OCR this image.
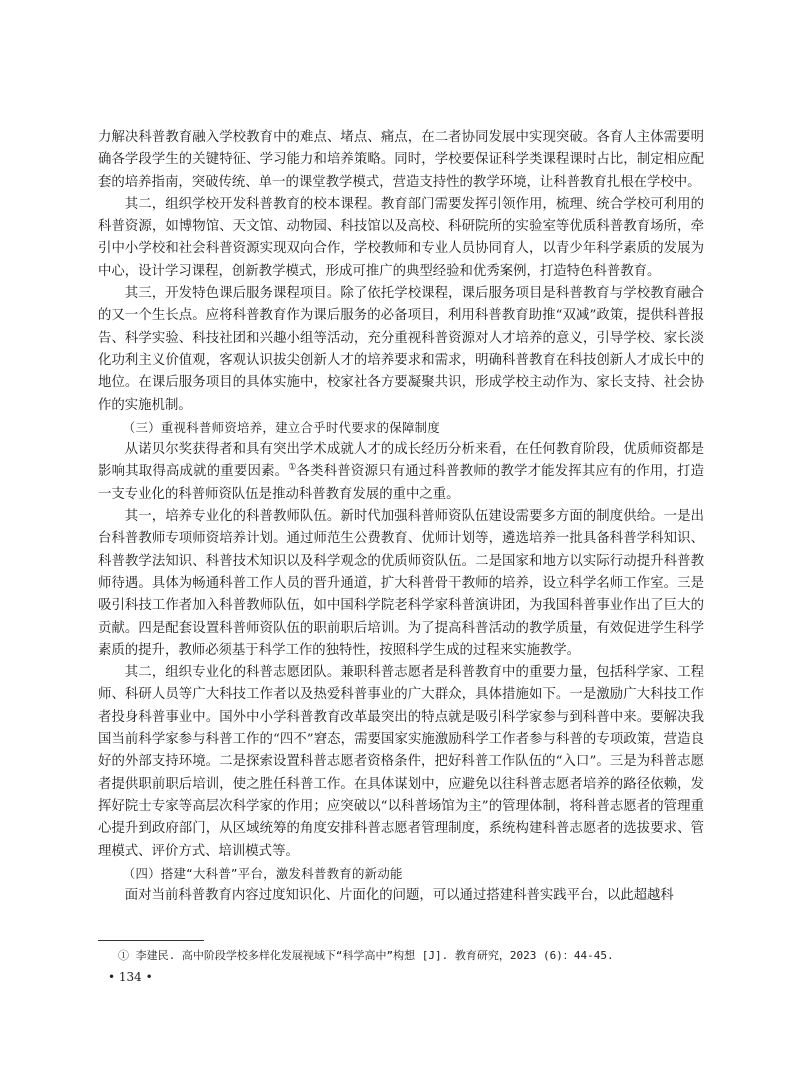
力解决科普教育融入学校教育中的难点、堵点、痛点，在二者协同发展中实现突破。各育人主体需要明确各学段学生的关键特征、学习能力和培养策略。同时，学校要保证科学类课程课时占比，制定相应配套的培养指南，突破传统、单一的课堂教学模式，营造支持性的教学环境，让科普教育扎根在学校中。

其二，组织学校开发科普教育的校本课程。教育部门需要发挥引领作用，梳理、统合学校可利用的科普资源，如博物馆、天文馆、动物园、科技馆以及高校、科研院所的实验室等优质科普教育场所，牵引中小学校和社会科普资源实现双向合作，学校教师和专业人员协同育人，以青少年科学素质的发展为中心，设计学习课程，创新教学模式，形成可推广的典型经验和优秀案例，打造特色科普教育。

其三，开发特色课后服务课程项目。除了依托学校课程，课后服务项目是科普教育与学校教育融合的又一个生长点。应将科普教育作为课后服务的必备项目，利用科普教育助推“双减”政策，提供科普报告、科学实验、科技社团和兴趣小组等活动，充分重视科普资源对人才培养的意义，引导学校、家长淡化功利主义价值观，客观认识拔尖创新人才的培养要求和需求，明确科普教育在科技创新人才成长中的地位。在课后服务项目的具体实施中，校家社各方要凝聚共识，形成学校主动作为、家长支持、社会协作的实施机制。

（三）重视科普师资培养，建立合乎时代要求的保障制度

从诺贝尔奖获得者和具有突出学术成就人才的成长经历分析来看，在任何教育阶段，优质师资都是影响其取得高成就的重要因素。①各类科普资源只有通过科普教师的教学才能发挥其应有的作用，打造一支专业化的科普师资队伍是推动科普教育发展的重中之重。

其一，培养专业化的科普教师队伍。新时代加强科普师资队伍建设需要多方面的制度供给。一是出台科普教师专项师资培养计划。通过师范生公费教育、优师计划等，遴选培养一批具备科普学科知识、科普教学法知识、科普技术知识以及科学观念的优质师资队伍。二是国家和地方以实际行动提升科普教师待遇。具体为畅通科普工作人员的晋升通道，扩大科普骨干教师的培养，设立科学名师工作室。三是吸引科技工作者加入科普教师队伍，如中国科学院老科学家科普演讲团，为我国科普事业作出了巨大的贡献。四是配套设置科普师资队伍的职前职后培训。为了提高科普活动的教学质量，有效促进学生科学素质的提升，教师必须基于科学工作的独特性，按照科学生成的过程来实施教学。

其二，组织专业化的科普志愿团队。兼职科普志愿者是科普教育中的重要力量，包括科学家、工程师、科研人员等广大科技工作者以及热爱科普事业的广大群众，具体措施如下。一是激励广大科技工作者投身科普事业中。国外中小学科普教育改革最突出的特点就是吸引科学家参与到科普中来。要解决我国当前科学家参与科普工作的“四不”窘态，需要国家实施激励科学工作者参与科普的专项政策，营造良好的外部支持环境。二是探索设置科普志愿者资格条件，把好科普工作队伍的“入口”。三是为科普志愿者提供职前职后培训，使之胜任科普工作。在具体谋划中，应避免以往科普志愿者培养的路径依赖，发挥好院士专家等高层次科学家的作用；应突破以“以科普场馆为主”的管理体制，将科普志愿者的管理重心提升到政府部门，从区域统筹的角度安排科普志愿者管理制度，系统构建科普志愿者的选拔要求、管理模式、评价方式、培训模式等。

（四）搭建“大科普”平台，激发科普教育的新动能

面对当前科普教育内容过度知识化、片面化的问题，可以通过搭建科普实践平台，以此超越科

① 李建民. 高中阶段学校多样化发展视域下“科学高中”构想 [J]. 教育研究，2023 (6)：44-45.
• 134 •
